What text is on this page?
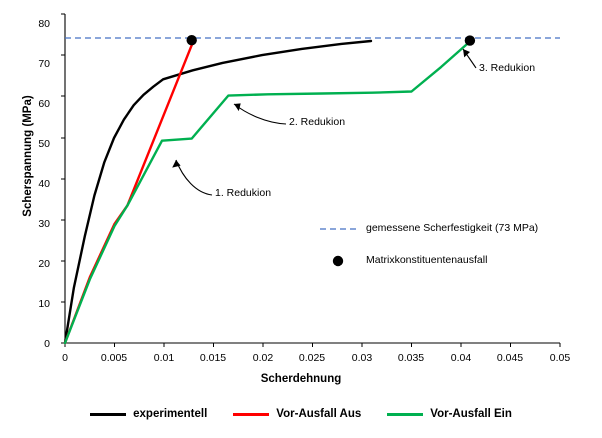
Scherspannung (MPa)
Scherdehnung
0
10
20
30
40
50
60
70
80
0	0.005	0.01	0.015	0.02	0.025	0.03	0.035	0.04	0.045	0.05
1. Redukion
2. Redukion
3. Redukion
gemessene Scherfestigkeit (73 MPa)
Matrixkonstituentenausfall
experimentell	Vor-Ausfall Aus	Vor-Ausfall Ein
